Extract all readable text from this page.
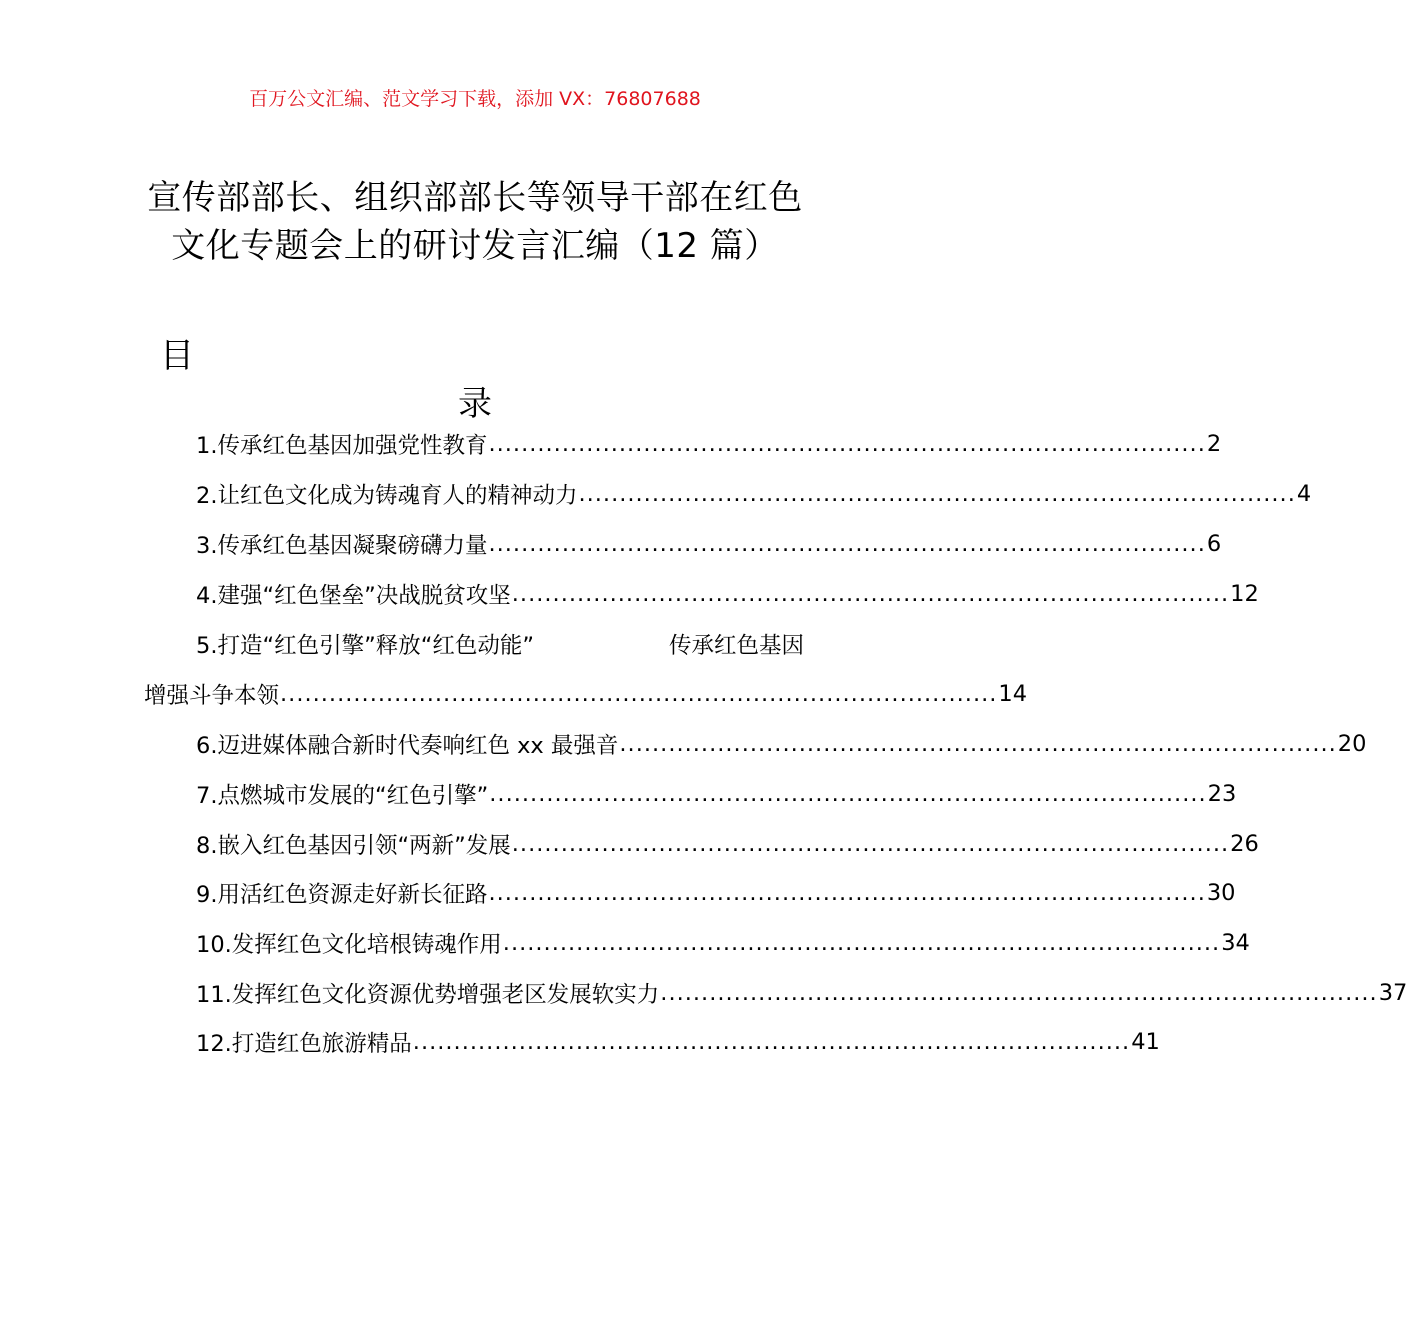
百万公文汇编、范文学习下载，添加 VX：76807688
宣传部部长、组织部部长等领导干部在红色文化专题会上的研讨发言汇编（12 篇）
目
录
1.传承红色基因加强党性教育 ........................................................................................ 2
2.让红色文化成为铸魂育人的精神动力 ........................................................................................ 4
3.传承红色基因凝聚磅礴力量 ........................................................................................ 6
4.建强“红色堡垒”决战脱贫攻坚 ........................................................................................ 12
5.打造“红色引擎”释放“红色动能”	传承红色基因
增强斗争本领 ........................................................................................ 14
6.迈进媒体融合新时代奏响红色 xx 最强音 ........................................................................................ 20
7.点燃城市发展的“红色引擎” ........................................................................................ 23
8.嵌入红色基因引领“两新”发展 ........................................................................................ 26
9.用活红色资源走好新长征路 ........................................................................................ 30
10.发挥红色文化培根铸魂作用 ........................................................................................ 34
11.发挥红色文化资源优势增强老区发展软实力 ........................................................................................ 37
12.打造红色旅游精品 ........................................................................................ 41
